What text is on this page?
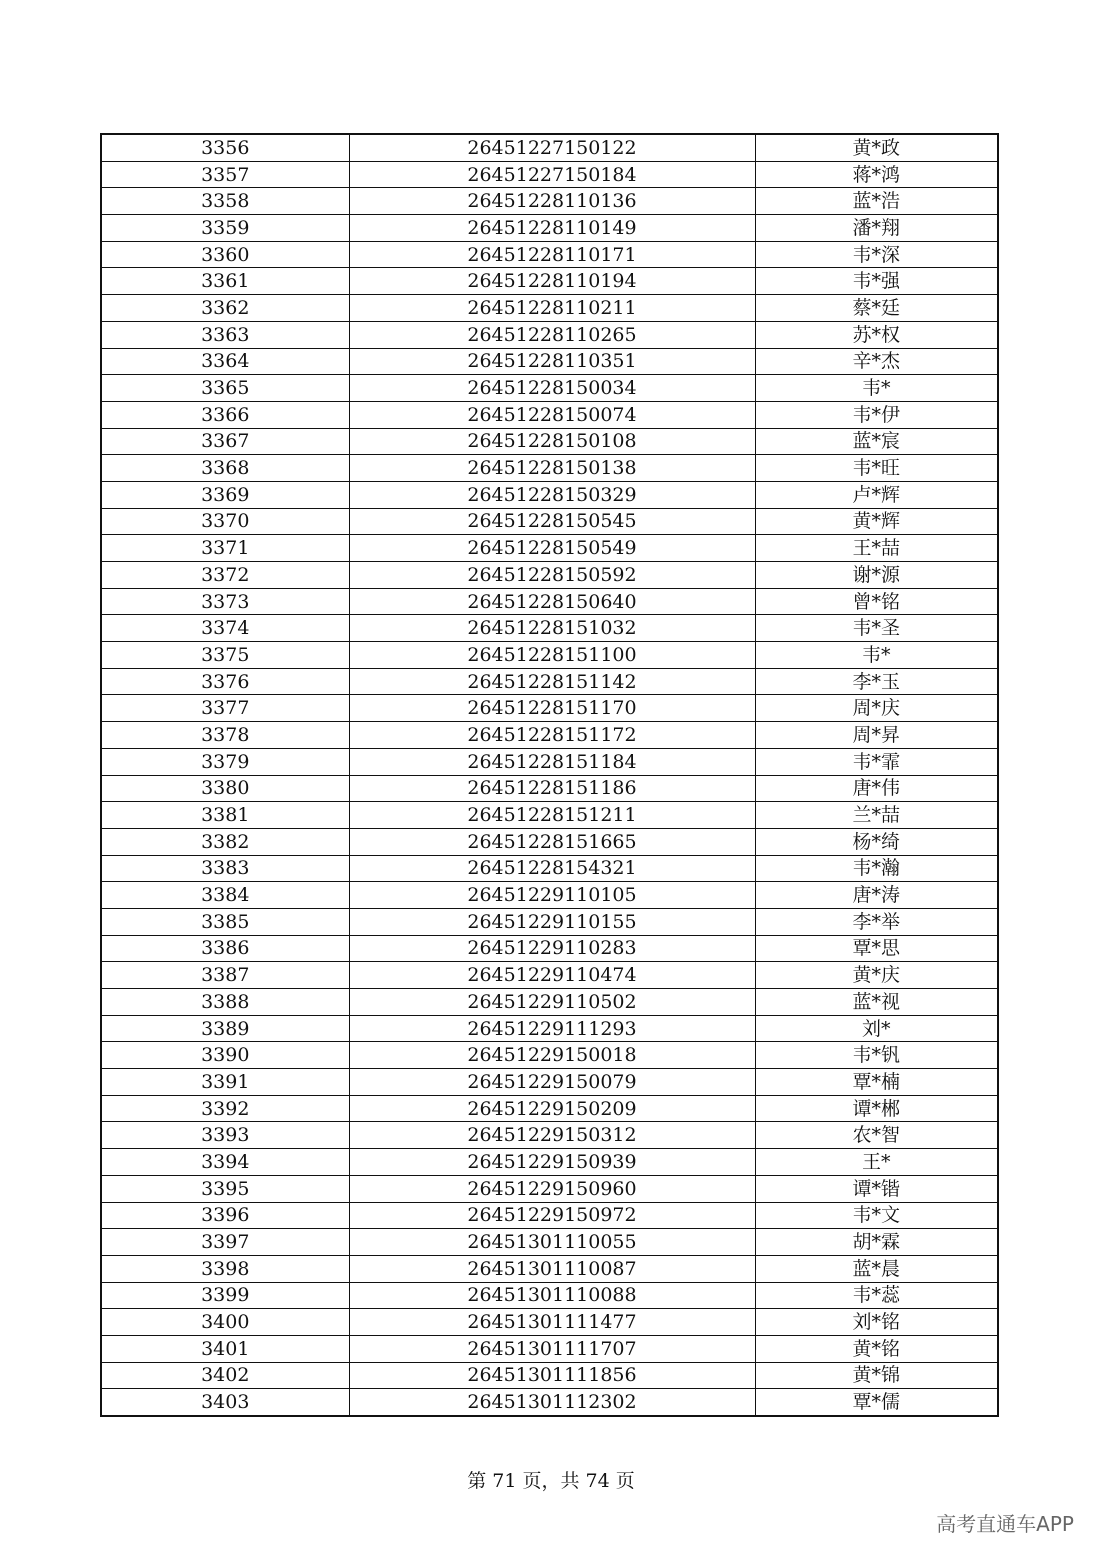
3356	26451227150122	黄*政
3357	26451227150184	蒋*鸿
3358	26451228110136	蓝*浩
3359	26451228110149	潘*翔
3360	26451228110171	韦*深
3361	26451228110194	韦*强
3362	26451228110211	蔡*廷
3363	26451228110265	苏*权
3364	26451228110351	辛*杰
3365	26451228150034	韦*
3366	26451228150074	韦*伊
3367	26451228150108	蓝*宸
3368	26451228150138	韦*旺
3369	26451228150329	卢*辉
3370	26451228150545	黄*辉
3371	26451228150549	王*喆
3372	26451228150592	谢*源
3373	26451228150640	曾*铭
3374	26451228151032	韦*圣
3375	26451228151100	韦*
3376	26451228151142	李*玉
3377	26451228151170	周*庆
3378	26451228151172	周*昇
3379	26451228151184	韦*霏
3380	26451228151186	唐*伟
3381	26451228151211	兰*喆
3382	26451228151665	杨*绮
3383	26451228154321	韦*瀚
3384	26451229110105	唐*涛
3385	26451229110155	李*举
3386	26451229110283	覃*思
3387	26451229110474	黄*庆
3388	26451229110502	蓝*视
3389	26451229111293	刘*
3390	26451229150018	韦*钒
3391	26451229150079	覃*楠
3392	26451229150209	谭*郴
3393	26451229150312	农*智
3394	26451229150939	王*
3395	26451229150960	谭*锴
3396	26451229150972	韦*文
3397	26451301110055	胡*霖
3398	26451301110087	蓝*晨
3399	26451301110088	韦*蕊
3400	26451301111477	刘*铭
3401	26451301111707	黄*铭
3402	26451301111856	黄*锦
3403	26451301112302	覃*儒
第 71 页，共 74 页
高考直通车APP
